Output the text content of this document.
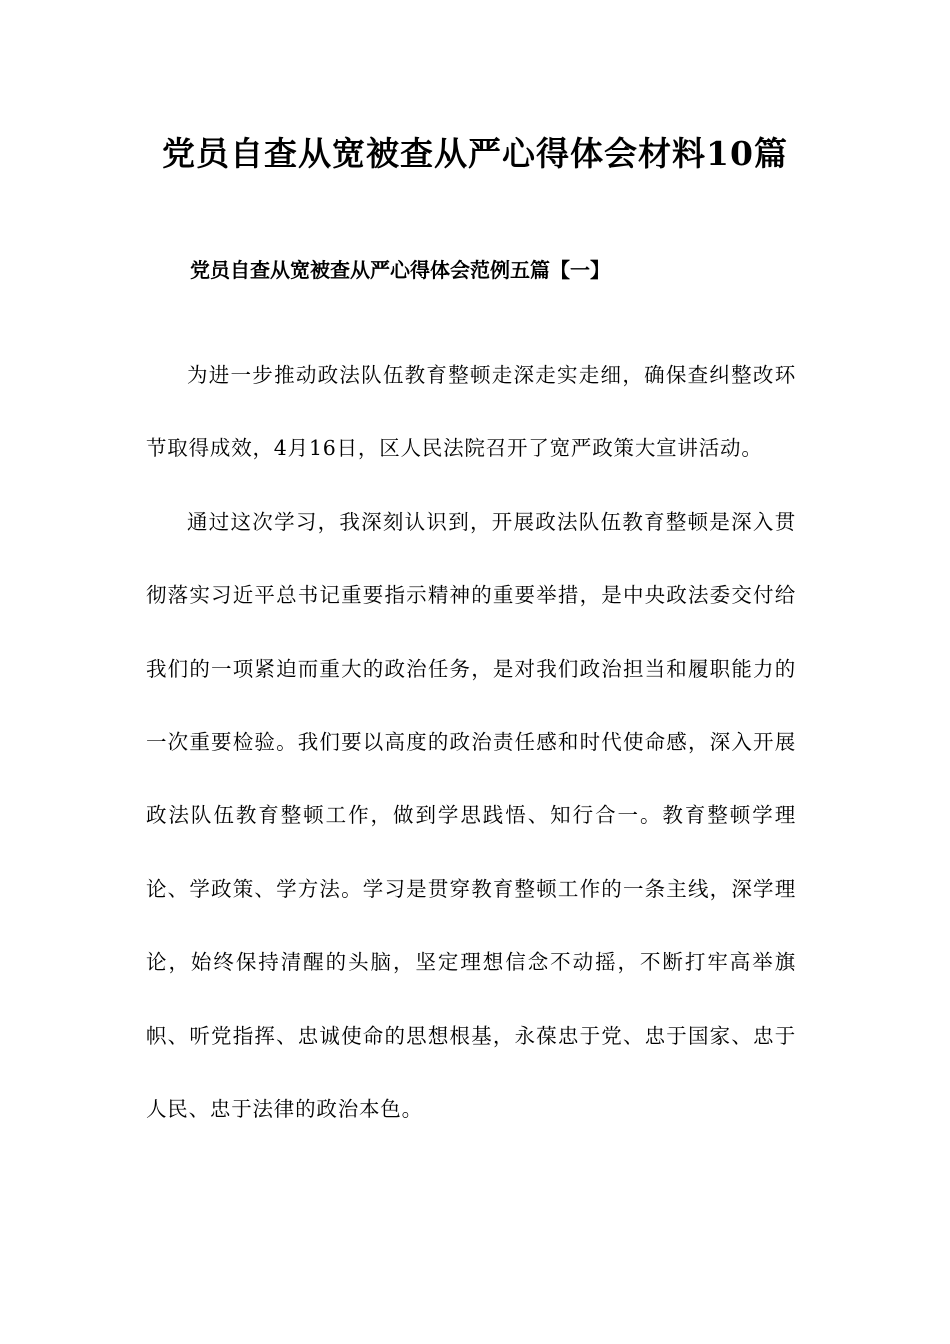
党员自查从宽被查从严心得体会材料10篇
党员自查从宽被查从严心得体会范例五篇【一】

为进一步推动政法队伍教育整顿走深走实走细，确保查纠整改环节取得成效，4月16日，区人民法院召开了宽严政策大宣讲活动。

通过这次学习，我深刻认识到，开展政法队伍教育整顿是深入贯彻落实习近平总书记重要指示精神的重要举措，是中央政法委交付给我们的一项紧迫而重大的政治任务，是对我们政治担当和履职能力的一次重要检验。我们要以高度的政治责任感和时代使命感，深入开展政法队伍教育整顿工作，做到学思践悟、知行合一。教育整顿学理论、学政策、学方法。学习是贯穿教育整顿工作的一条主线，深学理论，始终保持清醒的头脑，坚定理想信念不动摇，不断打牢高举旗帜、听党指挥、忠诚使命的思想根基，永葆忠于党、忠于国家、忠于人民、忠于法律的政治本色。
